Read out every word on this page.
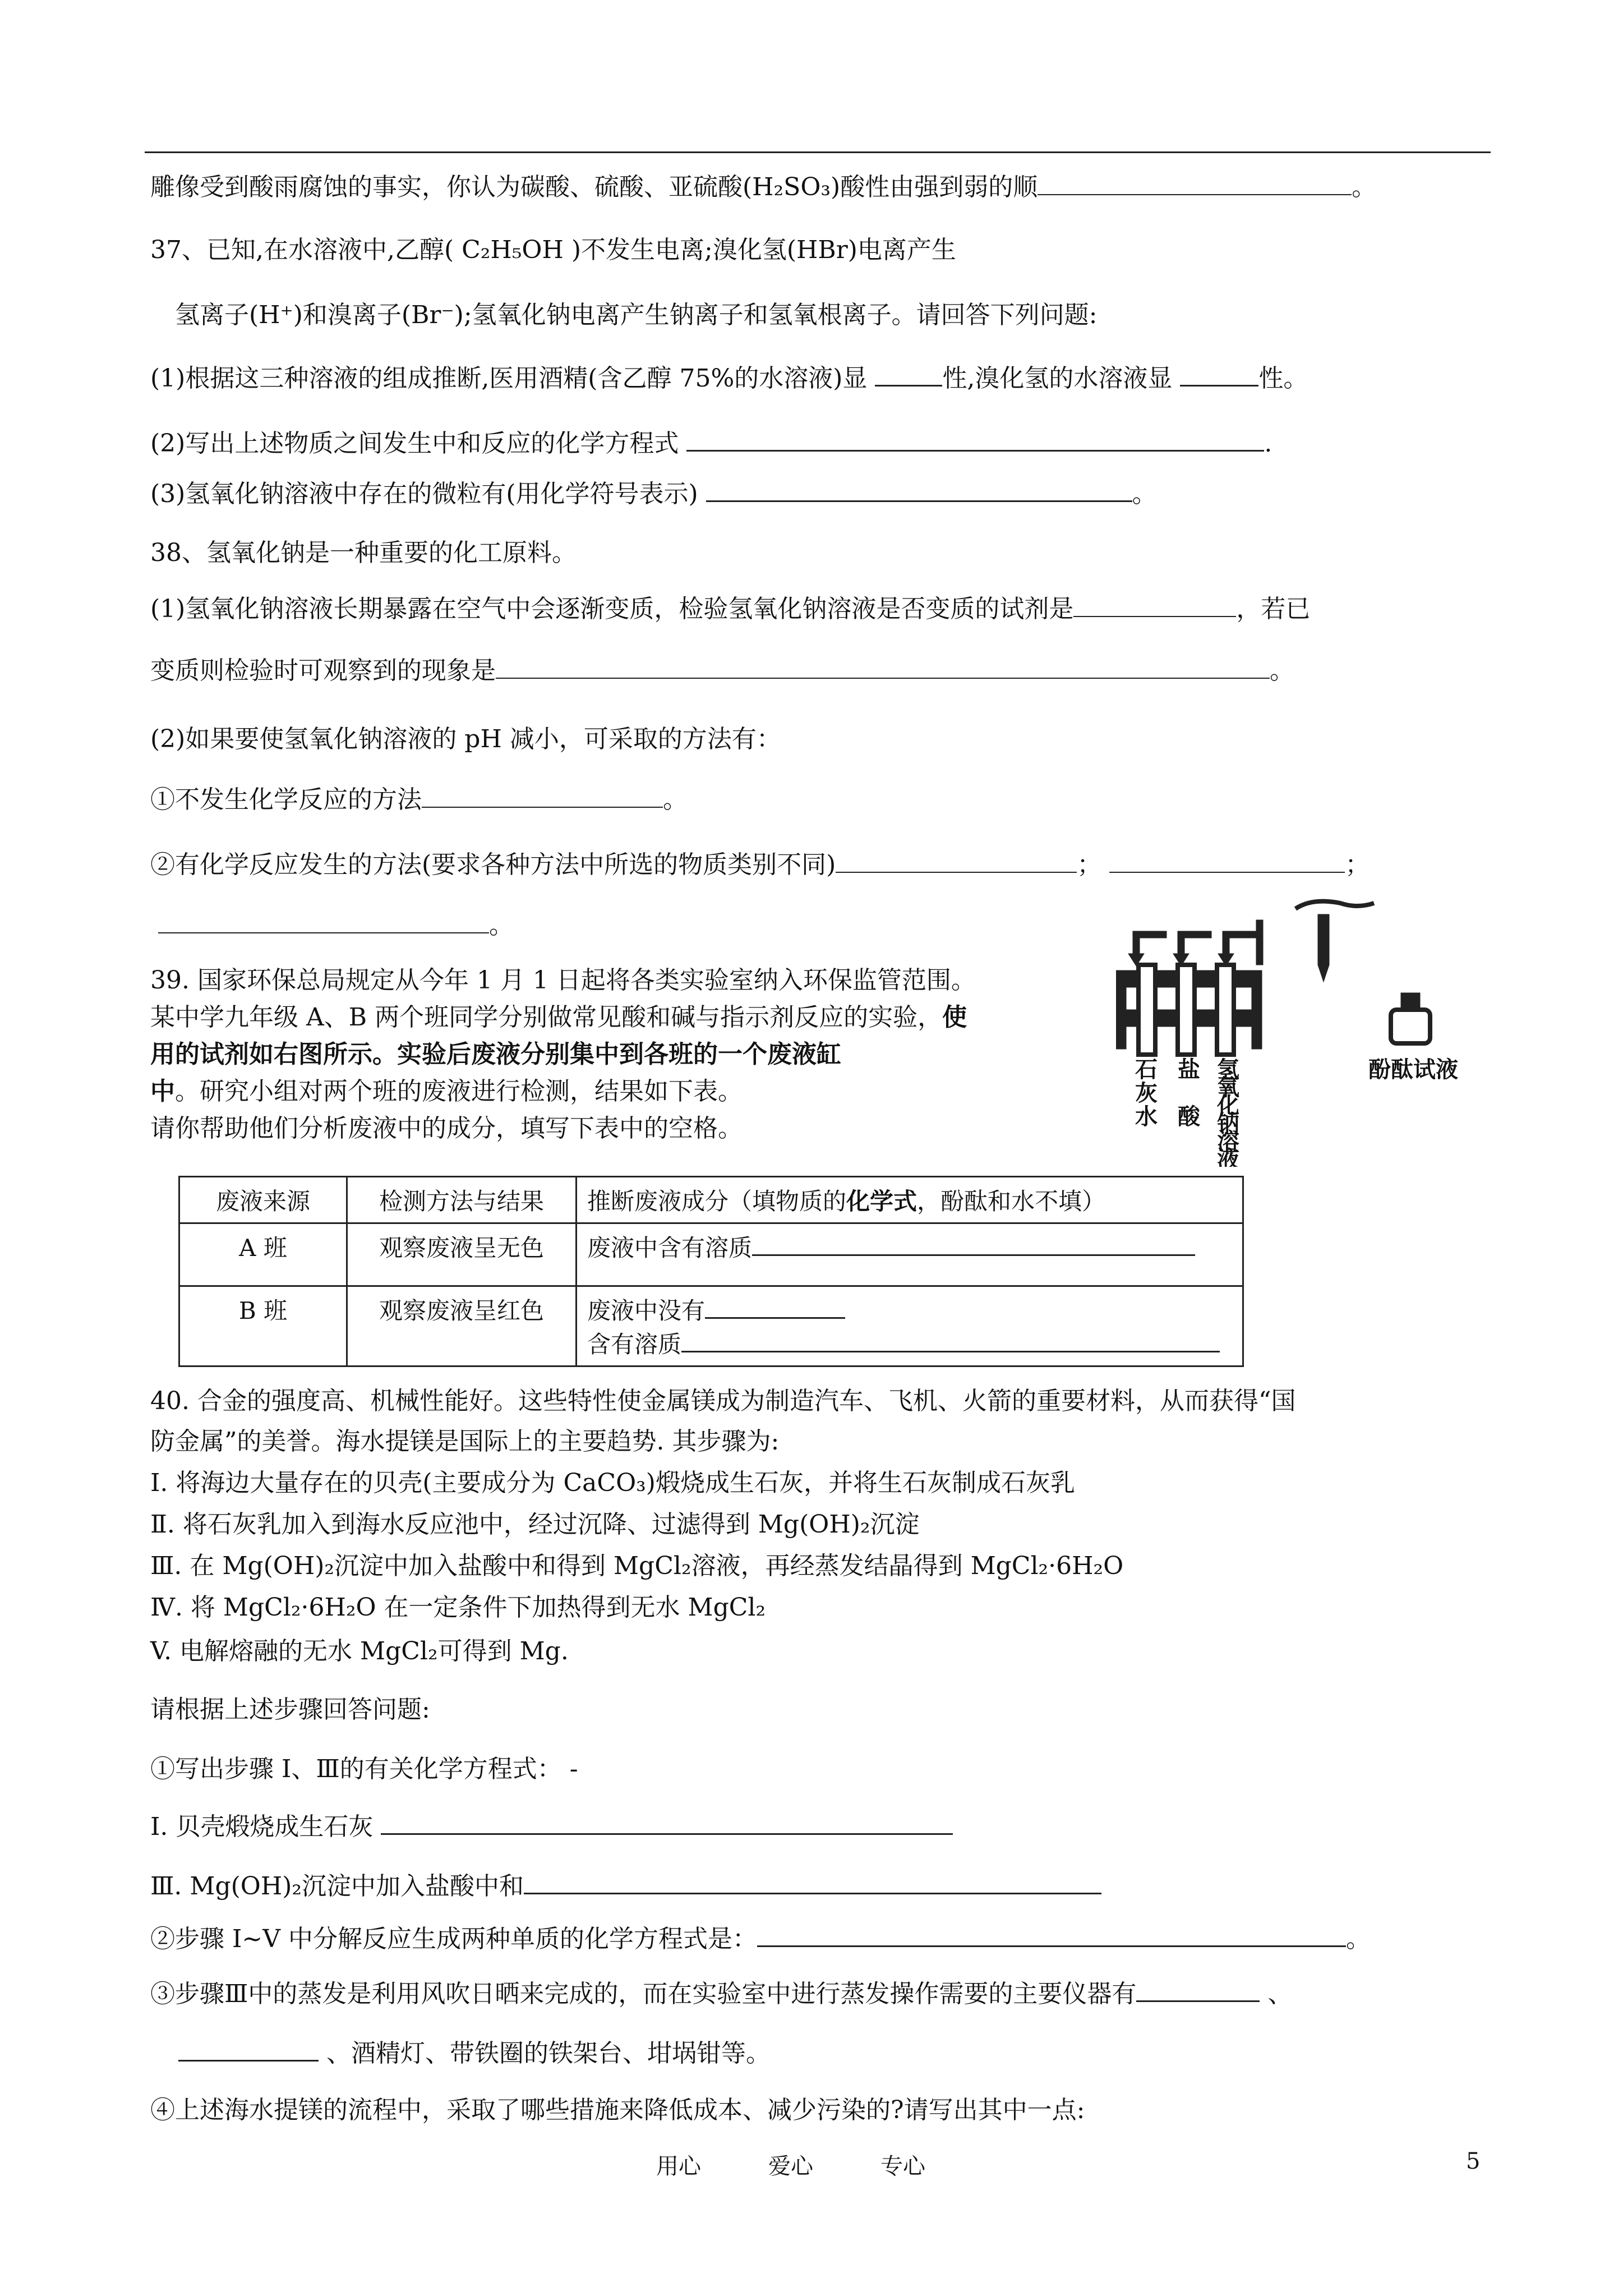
雕像受到酸雨腐蚀的事实，你认为碳酸、硫酸、亚硫酸(H₂SO₃)酸性由强到弱的顺	。
37、已知,在水溶液中,乙醇( C₂H₅OH )不发生电离;溴化氢(HBr)电离产生
氢离子(H⁺)和溴离子(Br⁻);氢氧化钠电离产生钠离子和氢氧根离子。请回答下列问题:
(1)根据这三种溶液的组成推断,医用酒精(含乙醇 75%的水溶液)显	性,溴化氢的水溶液显	性。
(2)写出上述物质之间发生中和反应的化学方程式	.
(3)氢氧化钠溶液中存在的微粒有(用化学符号表示)	。
38、氢氧化钠是一种重要的化工原料。
(1)氢氧化钠溶液长期暴露在空气中会逐渐变质，检验氢氧化钠溶液是否变质的试剂是	，若已
变质则检验时可观察到的现象是	。
(2)如果要使氢氧化钠溶液的 pH 减小，可采取的方法有：
①不发生化学反应的方法	。
②有化学反应发生的方法(要求各种方法中所选的物质类别不同)	；	；
。
39. 国家环保总局规定从今年 1 月 1 日起将各类实验室纳入环保监管范围。
某中学九年级 A、B 两个班同学分别做常见酸和碱与指示剂反应的实验，使
用的试剂如右图所示。实验后废液分别集中到各班的一个废液缸
中。研究小组对两个班的废液进行检测，结果如下表。
请你帮助他们分析废液中的成分，填写下表中的空格。
石
灰
水
盐
酸
氢
氧
化
钠
溶
液
酚酞试液
废液来源	检测方法与结果	推断废液成分（填物质的化学式，酚酞和水不填）
A 班	观察废液呈无色	废液中含有溶质
B 班	观察废液呈红色	废液中没有
含有溶质
40. 合金的强度高、机械性能好。这些特性使金属镁成为制造汽车、飞机、火箭的重要材料，从而获得“国
防金属”的美誉。海水提镁是国际上的主要趋势. 其步骤为:
I. 将海边大量存在的贝壳(主要成分为 CaCO₃)煅烧成生石灰，并将生石灰制成石灰乳
Ⅱ. 将石灰乳加入到海水反应池中，经过沉降、过滤得到 Mg(OH)₂沉淀
Ⅲ. 在 Mg(OH)₂沉淀中加入盐酸中和得到 MgCl₂溶液，再经蒸发结晶得到 MgCl₂·6H₂O
Ⅳ. 将 MgCl₂·6H₂O 在一定条件下加热得到无水 MgCl₂
V. 电解熔融的无水 MgCl₂可得到 Mg.
请根据上述步骤回答问题:
①写出步骤 I、Ⅲ的有关化学方程式： -
I. 贝壳煅烧成生石灰
Ⅲ. Mg(OH)₂沉淀中加入盐酸中和
②步骤 I~V 中分解反应生成两种单质的化学方程式是：	。
③步骤Ⅲ中的蒸发是利用风吹日晒来完成的，而在实验室中进行蒸发操作需要的主要仪器有	、
、酒精灯、带铁圈的铁架台、坩埚钳等。
④上述海水提镁的流程中，采取了哪些措施来降低成本、减少污染的?请写出其中一点:
用心	爱心	专心	5
